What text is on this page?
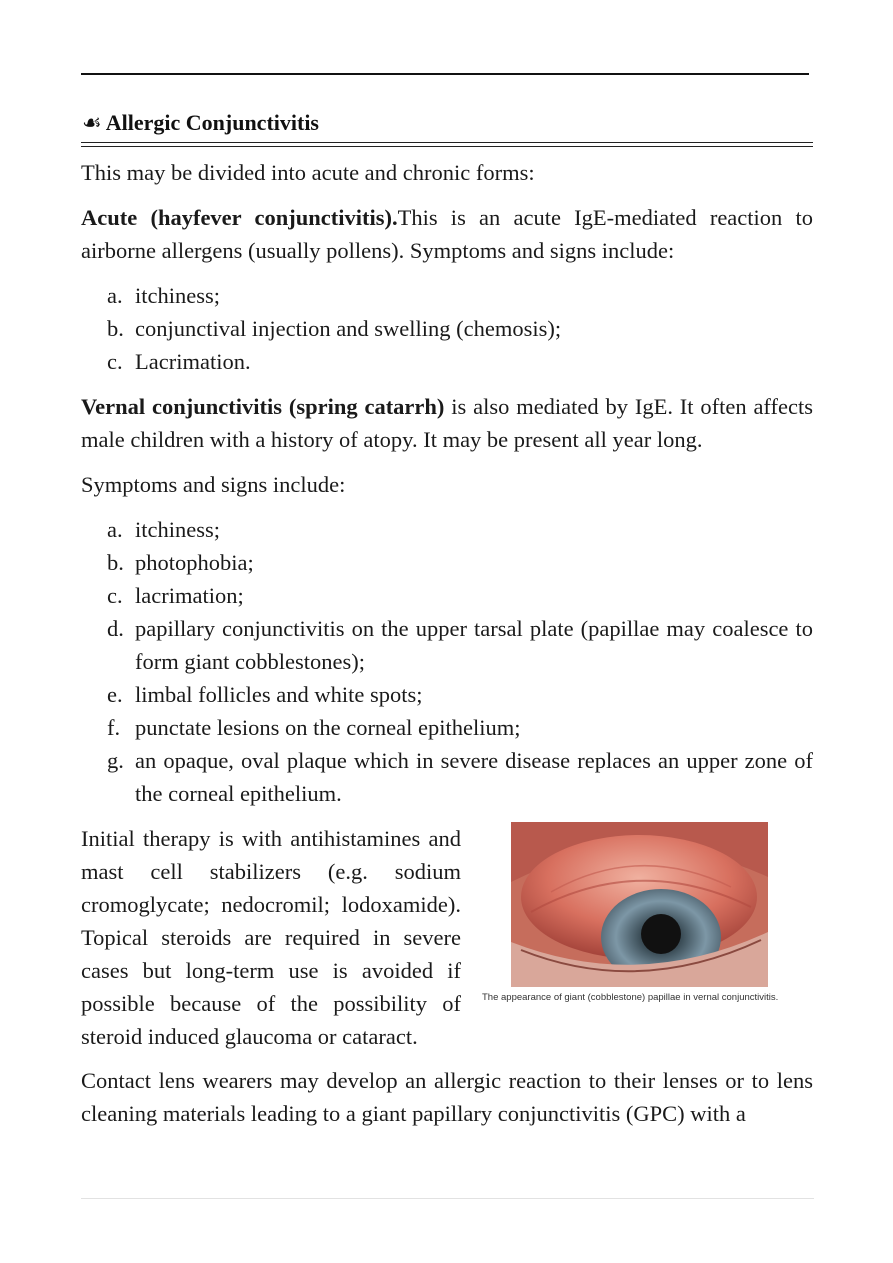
☙ Allergic Conjunctivitis

This may be divided into acute and chronic forms:

Acute (hayfever conjunctivitis).This is an acute IgE-mediated reaction to airborne allergens (usually pollens). Symptoms and signs include:

a. itchiness;
b. conjunctival injection and swelling (chemosis);
c. Lacrimation.

Vernal conjunctivitis (spring catarrh) is also mediated by IgE. It often affects male children with a history of atopy. It may be present all year long.

Symptoms and signs include:

a. itchiness;
b. photophobia;
c. lacrimation;
d. papillary conjunctivitis on the upper tarsal plate (papillae may coalesce to form giant cobblestones);
e. limbal follicles and white spots;
f. punctate lesions on the corneal epithelium;
g. an opaque, oval plaque which in severe disease replaces an upper zone of the corneal epithelium.

Initial therapy is with antihistamines and mast cell stabilizers (e.g. sodium cromoglycate; nedocromil; lodoxamide). Topical steroids are required in severe cases but long-term use is avoided if possible because of the possibility of steroid induced glaucoma or cataract.

The appearance of giant (cobblestone) papillae in vernal conjunctivitis.

Contact lens wearers may develop an allergic reaction to their lenses or to lens cleaning materials leading to a giant papillary conjunctivitis (GPC) with a
